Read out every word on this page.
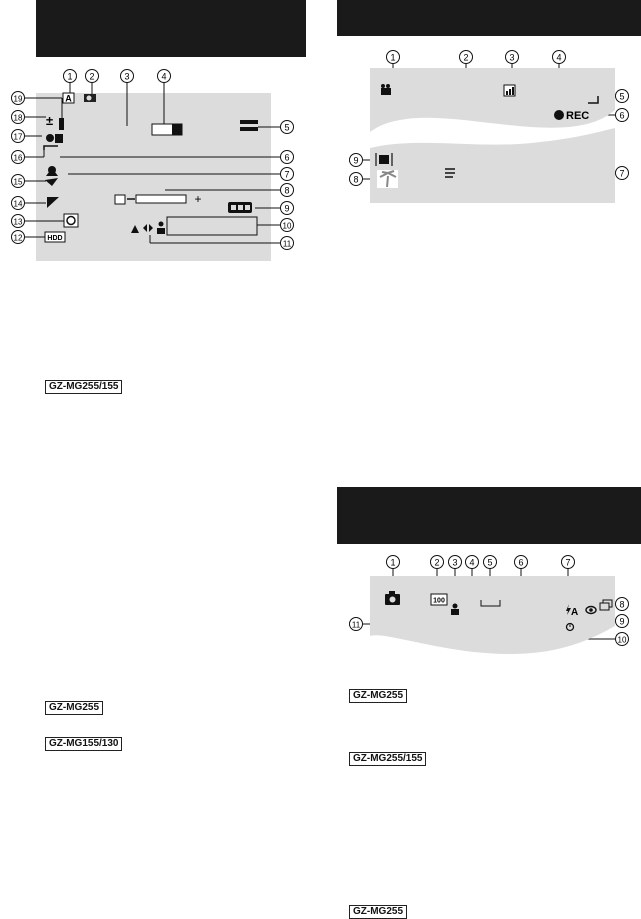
1 2	3	4
5
6
7
8
9
10
11
19
18
17
16
15
14
13
12
A
±
+
HDD
1	2	3	4
5
6
7
8
9
1	2 3 4 5	6	7
8
9
10
11
GZ-MG255/155
GZ-MG255
GZ-MG155/130
REC
100
A
GZ-MG255
GZ-MG255/155
GZ-MG255
